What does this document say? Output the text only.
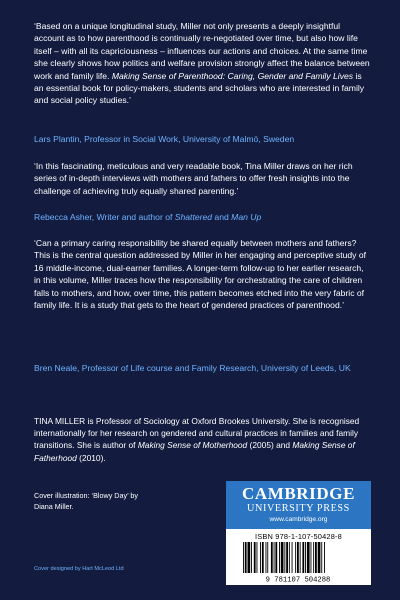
‘Based on a unique longitudinal study, Miller not only presents a deeply insightful account as to how parenthood is continually re-negotiated over time, but also how life itself – with all its capriciousness – influences our actions and choices. At the same time she clearly shows how politics and welfare provision strongly affect the balance between work and family life. Making Sense of Parenthood: Caring, Gender and Family Lives is an essential book for policy-makers, students and scholars who are interested in family and social policy studies.’

Lars Plantin, Professor in Social Work, University of Malmö, Sweden

‘In this fascinating, meticulous and very readable book, Tina Miller draws on her rich series of in-depth interviews with mothers and fathers to offer fresh insights into the challenge of achieving truly equally shared parenting.’

Rebecca Asher, Writer and author of Shattered and Man Up

‘Can a primary caring responsibility be shared equally between mothers and fathers? This is the central question addressed by Miller in her engaging and perceptive study of 16 middle-income, dual-earner families. A longer-term follow-up to her earlier research, in this volume, Miller traces how the responsibility for orchestrating the care of children falls to mothers, and how, over time, this pattern becomes etched into the very fabric of family life. It is a study that gets to the heart of gendered practices of parenthood.’

Bren Neale, Professor of Life course and Family Research, University of Leeds, UK

TINA MILLER is Professor of Sociology at Oxford Brookes University. She is recognised internationally for her research on gendered and cultural practices in families and family transitions. She is author of Making Sense of Motherhood (2005) and Making Sense of Fatherhood (2010).

Cover illustration: ‘Blowy Day’ by Diana Miller.

Cover designed by Hart McLeod Ltd

CAMBRIDGE
UNIVERSITY PRESS
www.cambridge.org
ISBN 978-1-107-50428-8
9 781107 504288
